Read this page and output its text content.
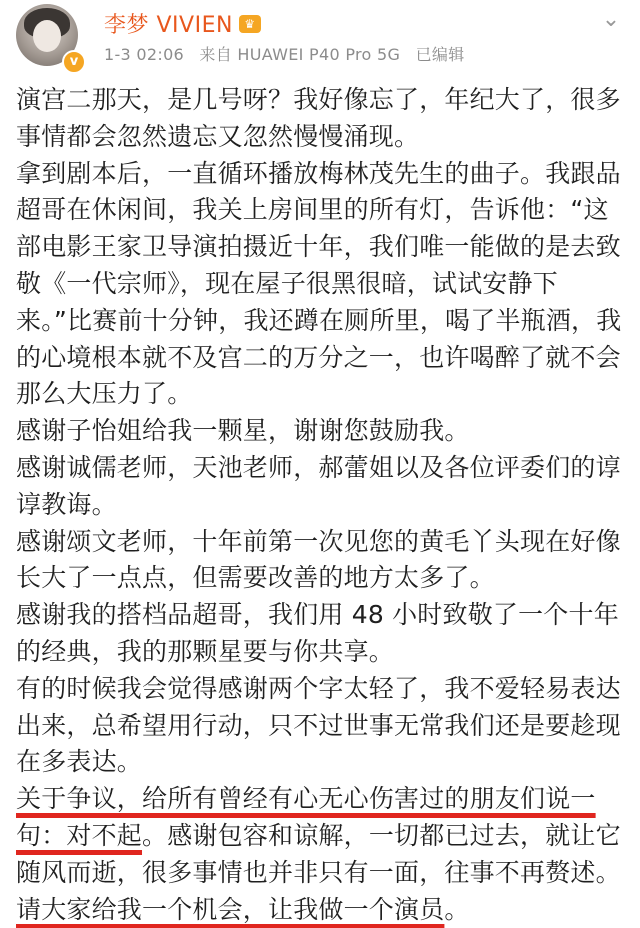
v
李梦 VIVIEN ♛
1-3 02:06 来自 HUAWEI P40 Pro 5G 已编辑
⌄

演宫二那天，是几号呀？我好像忘了，年纪大了，很多事情都会忽然遗忘又忽然慢慢涌现。

拿到剧本后，一直循环播放梅林茂先生的曲子。我跟品超哥在休闲间，我关上房间里的所有灯，告诉他：“这部电影王家卫导演拍摄近十年，我们唯一能做的是去致敬《一代宗师》，现在屋子很黑很暗，试试安静下来。”比赛前十分钟，我还蹲在厕所里，喝了半瓶酒，我的心境根本就不及宫二的万分之一，也许喝醉了就不会那么大压力了。

感谢子怡姐给我一颗星，谢谢您鼓励我。

感谢诚儒老师，天池老师，郝蕾姐以及各位评委们的谆谆教诲。

感谢颂文老师，十年前第一次见您的黄毛丫头现在好像长大了一点点，但需要改善的地方太多了。

感谢我的搭档品超哥，我们用 48 小时致敬了一个十年的经典，我的那颗星要与你共享。

有的时候我会觉得感谢两个字太轻了，我不爱轻易表达出来，总希望用行动，只不过世事无常我们还是要趁现在多表达。

关于争议，给所有曾经有心无心伤害过的朋友们说一句：对不起。感谢包容和谅解，一切都已过去，就让它随风而逝，很多事情也并非只有一面，往事不再赘述。请大家给我一个机会，让我做一个演员。
